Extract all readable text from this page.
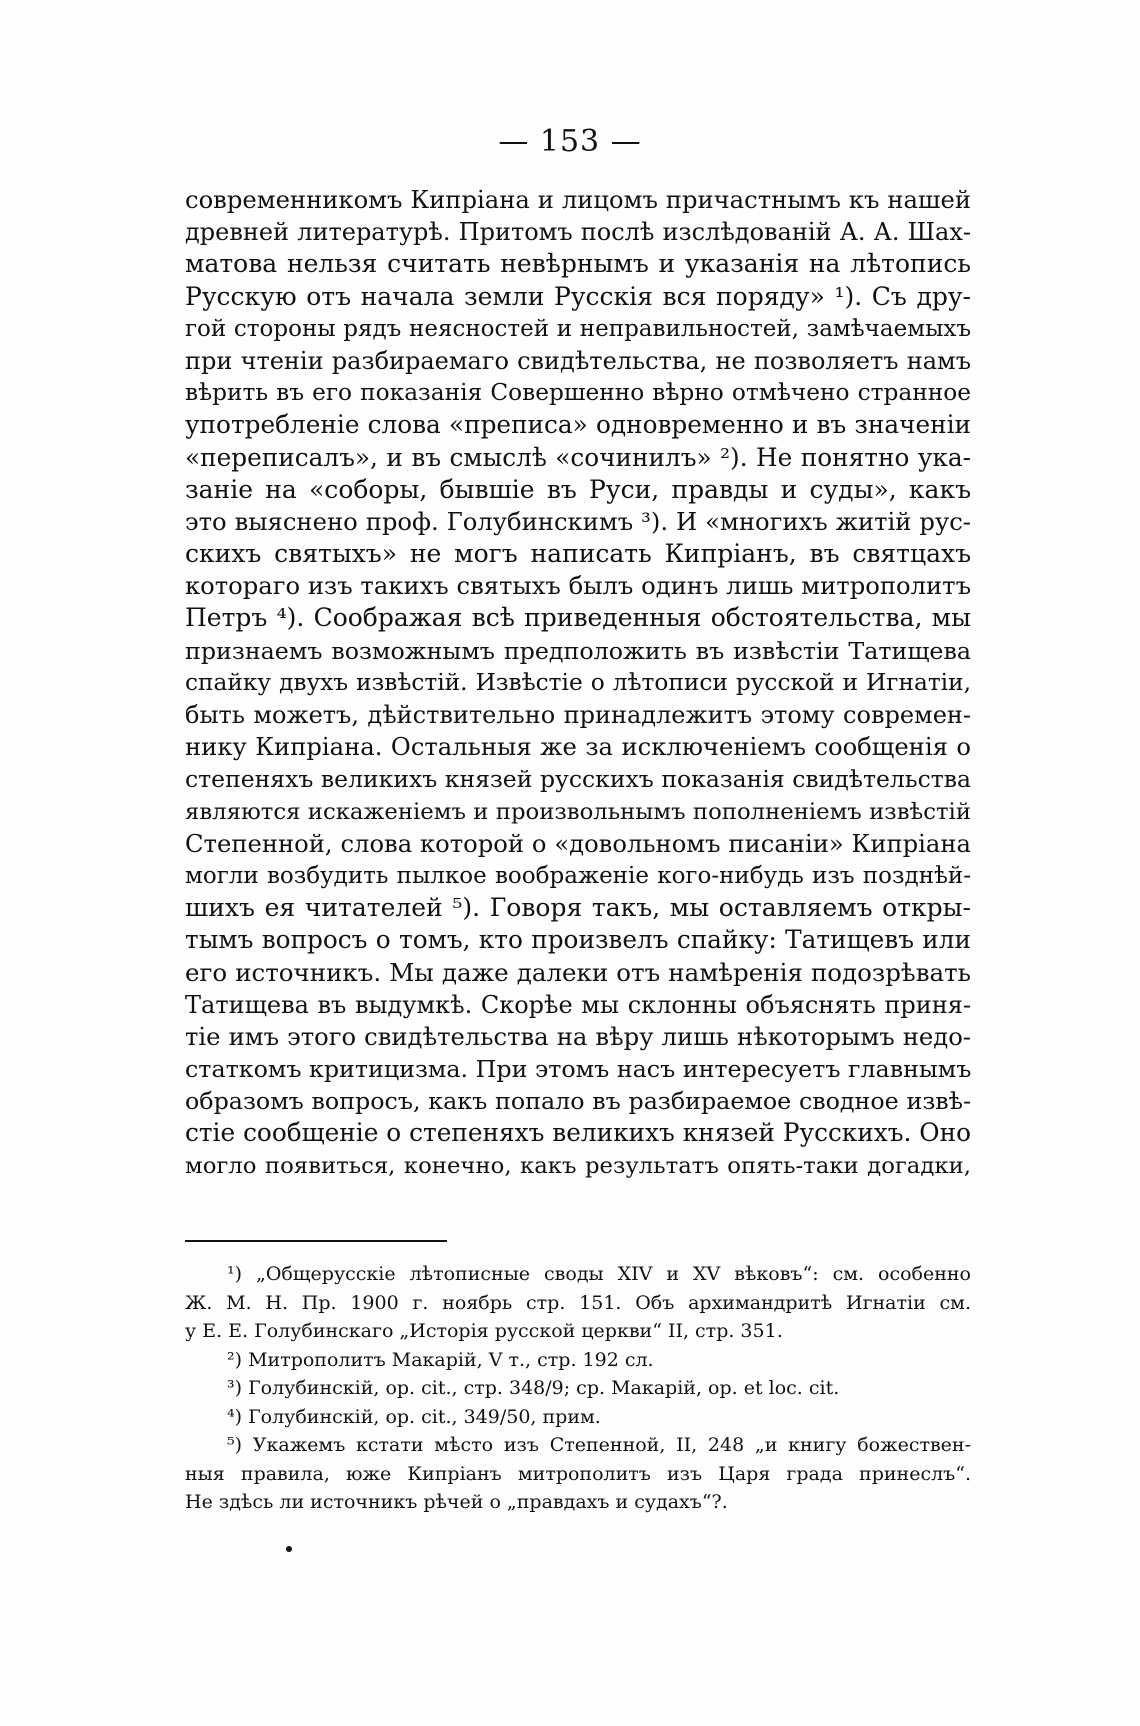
— 153 —
современникомъ Кипріана и лицомъ причастнымъ къ нашей
древней литературѣ. Притомъ послѣ изслѣдованій А. А. Шах-
матова нельзя считать невѣрнымъ и указанія на лѣтопись
Русскую отъ начала земли Русскія вся поряду» ¹). Съ дру-
гой стороны рядъ неясностей и неправильностей, замѣчаемыхъ
при чтеніи разбираемаго свидѣтельства, не позволяетъ намъ
вѣрить въ его показанія Совершенно вѣрно отмѣчено странное
употребленіе слова «преписа» одновременно и въ значеніи
«переписалъ», и въ смыслѣ «сочинилъ» ²). Не понятно ука-
заніе на «соборы, бывшіе въ Руси, правды и суды», какъ
это выяснено проф. Голубинскимъ ³). И «многихъ житій рус-
скихъ святыхъ» не могъ написать Кипріанъ, въ святцахъ
котораго изъ такихъ святыхъ былъ одинъ лишь митрополитъ
Петръ ⁴). Соображая всѣ приведенныя обстоятельства, мы
признаемъ возможнымъ предположить въ извѣстіи Татищева
спайку двухъ извѣстій. Извѣстіе о лѣтописи русской и Игнатіи,
быть можетъ, дѣйствительно принадлежитъ этому современ-
нику Кипріана. Остальныя же за исключеніемъ сообщенія о
степеняхъ великихъ князей русскихъ показанія свидѣтельства
являются искаженіемъ и произвольнымъ пополненіемъ извѣстій
Степенной, слова которой о «довольномъ писаніи» Кипріана
могли возбудить пылкое воображеніе кого-нибудь изъ позднѣй-
шихъ ея читателей ⁵). Говоря такъ, мы оставляемъ откры-
тымъ вопросъ о томъ, кто произвелъ спайку: Татищевъ или
его источникъ. Мы даже далеки отъ намѣренія подозрѣвать
Татищева въ выдумкѣ. Скорѣе мы склонны объяснять приня-
тіе имъ этого свидѣтельства на вѣру лишь нѣкоторымъ недо-
статкомъ критицизма. При этомъ насъ интересуетъ главнымъ
образомъ вопросъ, какъ попало въ разбираемое сводное извѣ-
стіе сообщеніе о степеняхъ великихъ князей Русскихъ. Оно
могло появиться, конечно, какъ результатъ опять-таки догадки,
¹) „Общерусскіе лѣтописные своды XIV и XV вѣковъ“: см. особенно
Ж. М. Н. Пр. 1900 г. ноябрь стр. 151. Объ архимандритѣ Игнатіи см.
у Е. Е. Голубинскаго „Исторія русской церкви“ II, стр. 351.
²) Митрополитъ Макарій, V т., стр. 192 сл.
³) Голубинскій, op. cit., стр. 348/9; ср. Макарій, op. et loc. cit.
⁴) Голубинскій, op. cit., 349/50, прим.
⁵) Укажемъ кстати мѣсто изъ Степенной, II, 248 „и книгу божествен-
ныя правила, юже Кипріанъ митрополитъ изъ Царя града принеслъ“.
Не здѣсь ли источникъ рѣчей о „правдахъ и судахъ“?.
